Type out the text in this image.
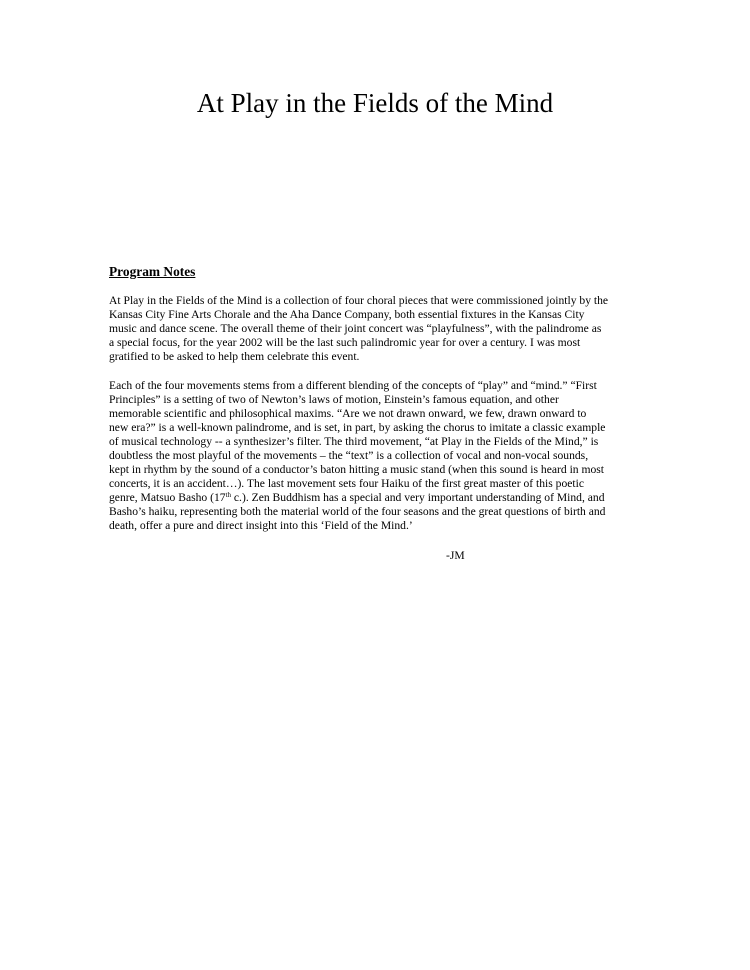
At Play in the Fields of the Mind
Program Notes
At Play in the Fields of the Mind is a collection of four choral pieces that were commissioned jointly by the
Kansas City Fine Arts Chorale and the Aha Dance Company, both essential fixtures in the Kansas City
music and dance scene. The overall theme of their joint concert was “playfulness”, with the palindrome as
a special focus, for the year 2002 will be the last such palindromic year for over a century. I was most
gratified to be asked to help them celebrate this event.
Each of the four movements stems from a different blending of the concepts of “play” and “mind.” “First
Principles” is a setting of two of Newton’s laws of motion, Einstein’s famous equation, and other
memorable scientific and philosophical maxims. “Are we not drawn onward, we few, drawn onward to
new era?” is a well-known palindrome, and is set, in part, by asking the chorus to imitate a classic example
of musical technology -- a synthesizer’s filter. The third movement, “at Play in the Fields of the Mind,” is
doubtless the most playful of the movements – the “text” is a collection of vocal and non-vocal sounds,
kept in rhythm by the sound of a conductor’s baton hitting a music stand (when this sound is heard in most
concerts, it is an accident…). The last movement sets four Haiku of the first great master of this poetic
genre, Matsuo Basho (17th c.). Zen Buddhism has a special and very important understanding of Mind, and
Basho’s haiku, representing both the material world of the four seasons and the great questions of birth and
death, offer a pure and direct insight into this ‘Field of the Mind.’
-JM
